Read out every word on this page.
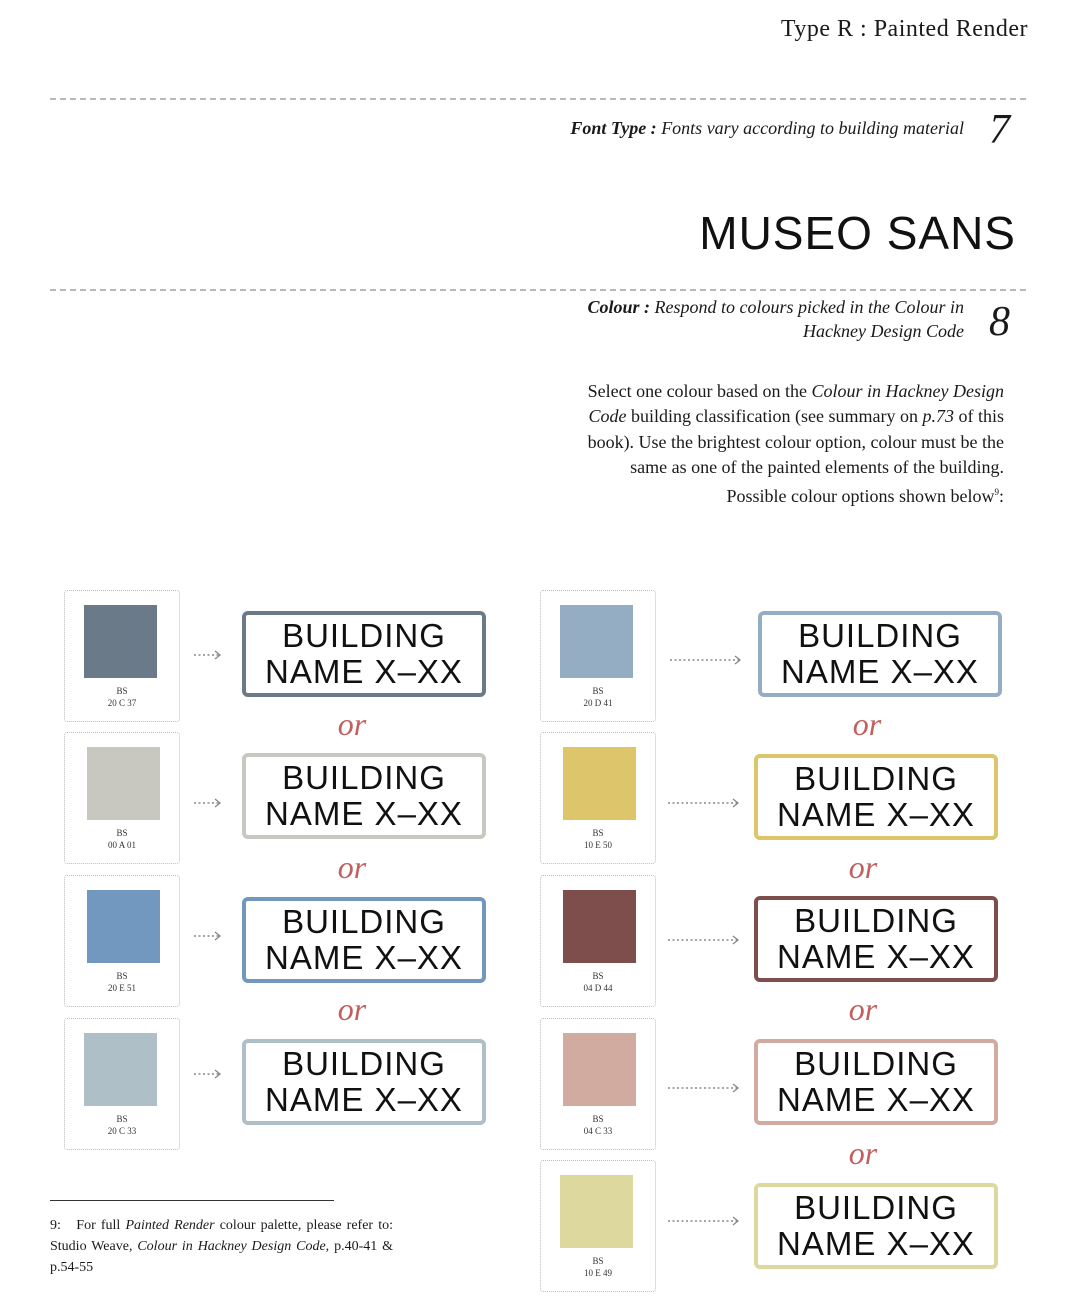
Type R : Painted Render
Font Type : Fonts vary according to building material 7
MUSEO SANS
Colour : Respond to colours picked in the Colour in
Hackney Design Code 8
Select one colour based on the Colour in Hackney Design Code building classification (see summary on p.73 of this book). Use the brightest colour option, colour must be the same as one of the painted elements of the building. Possible colour options shown below$^9$:
BS
20 C 37
BUILDING
NAME X–XX
or
BS
00 A 01
BUILDING
NAME X–XX
or
BS
20 E 51
BUILDING
NAME X–XX
or
BS
20 C 33
BUILDING
NAME X–XX
BS
20 D 41
BUILDING
NAME X–XX
or
BS
10 E 50
BUILDING
NAME X–XX
or
BS
04 D 44
BUILDING
NAME X–XX
or
BS
04 C 33
BUILDING
NAME X–XX
or
BS
10 E 49
BUILDING
NAME X–XX
9: For full Painted Render colour palette, please refer to: Studio Weave, Colour in Hackney Design Code, p.40-41 & p.54-55
